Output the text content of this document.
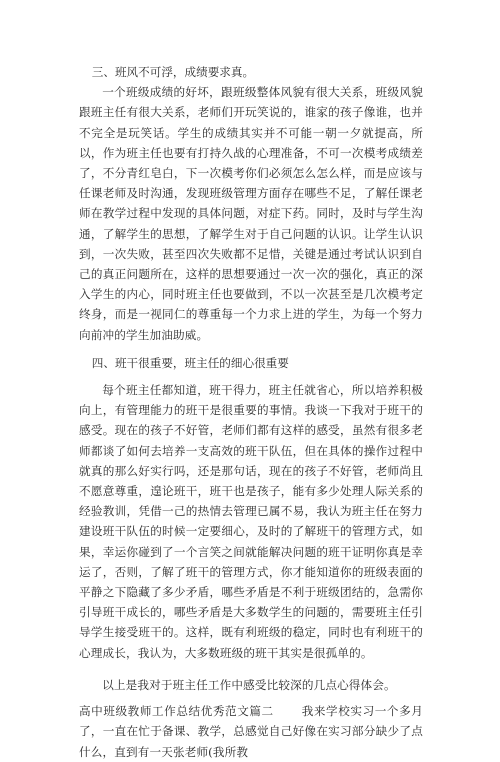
三、班风不可浮，成绩要求真。

一个班级成绩的好坏，跟班级整体风貌有很大关系，班级风貌跟班主任有很大关系，老师们开玩笑说的，谁家的孩子像谁，也并不完全是玩笑话。学生的成绩其实并不可能一朝一夕就提高，所以，作为班主任也要有打持久战的心理准备，不可一次模考成绩差了，不分青红皂白，下一次模考你们必须怎么怎么样，而是应该与任课老师及时沟通，发现班级管理方面存在哪些不足，了解任课老师在教学过程中发现的具体问题，对症下药。同时，及时与学生沟通，了解学生的思想，了解学生对于自己问题的认识。让学生认识到，一次失败，甚至四次失败都不足惜，关键是通过考试认识到自己的真正问题所在，这样的思想要通过一次一次的强化，真正的深入学生的内心，同时班主任也要做到，不以一次甚至是几次模考定终身，而是一视同仁的尊重每一个力求上进的学生，为每一个努力向前冲的学生加油助威。

四、班干很重要，班主任的细心很重要

每个班主任都知道，班干得力，班主任就省心，所以培养积极向上，有管理能力的班干是很重要的事情。我谈一下我对于班干的感受。现在的孩子不好管，老师们都有这样的感受，虽然有很多老师都谈了如何去培养一支高效的班干队伍，但在具体的操作过程中就真的那么好实行吗，还是那句话，现在的孩子不好管，老师尚且不愿意尊重，遑论班干，班干也是孩子，能有多少处理人际关系的经验教训，凭借一己的热情去管理已属不易，我认为班主任在努力建设班干队伍的时候一定要细心，及时的了解班干的管理方式，如果，幸运你碰到了一个言笑之间就能解决问题的班干证明你真是幸运了，否则，了解了班干的管理方式，你才能知道你的班级表面的平静之下隐藏了多少矛盾，哪些矛盾是不利于班级团结的，急需你引导班干成长的，哪些矛盾是大多数学生的问题的，需要班主任引导学生接受班干的。这样，既有利班级的稳定，同时也有利班干的心理成长，我认为，大多数班级的班干其实是很孤单的。

以上是我对于班主任工作中感受比较深的几点心得体会。

高中班级教师工作总结优秀范文篇二 我来学校实习一个多月了，一直在忙于备课、教学，总感觉自己好像在实习部分缺少了点什么，直到有一天张老师(我所教
